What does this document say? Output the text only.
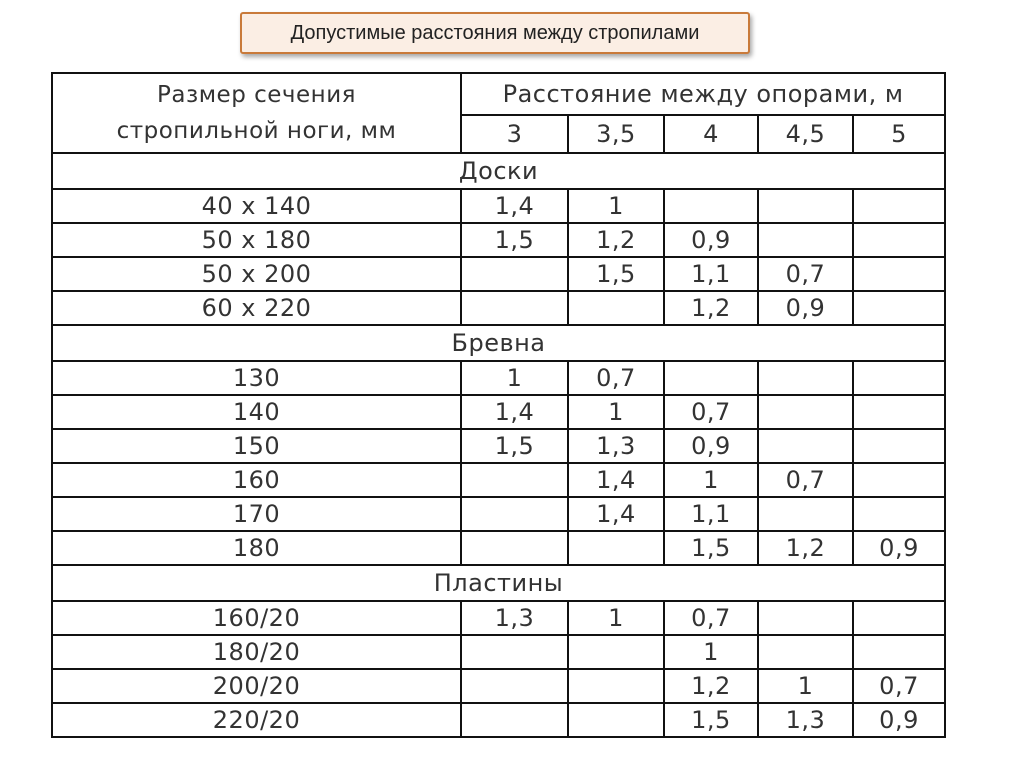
Допустимые расстояния между стропилами
Размер сечения
стропильной ноги, мм	Расстояние между опорами, м				
	3	3,5	4	4,5	5
Доски					
40 x 140	1,4	1			
50 x 180	1,5	1,2	0,9		
50 x 200		1,5	1,1	0,7	
60 x 220			1,2	0,9	
Бревна					
130	1	0,7			
140	1,4	1	0,7		
150	1,5	1,3	0,9		
160		1,4	1	0,7	
170		1,4	1,1		
180			1,5	1,2	0,9
Пластины					
160/20	1,3	1	0,7		
180/20			1		
200/20			1,2	1	0,7
220/20			1,5	1,3	0,9
